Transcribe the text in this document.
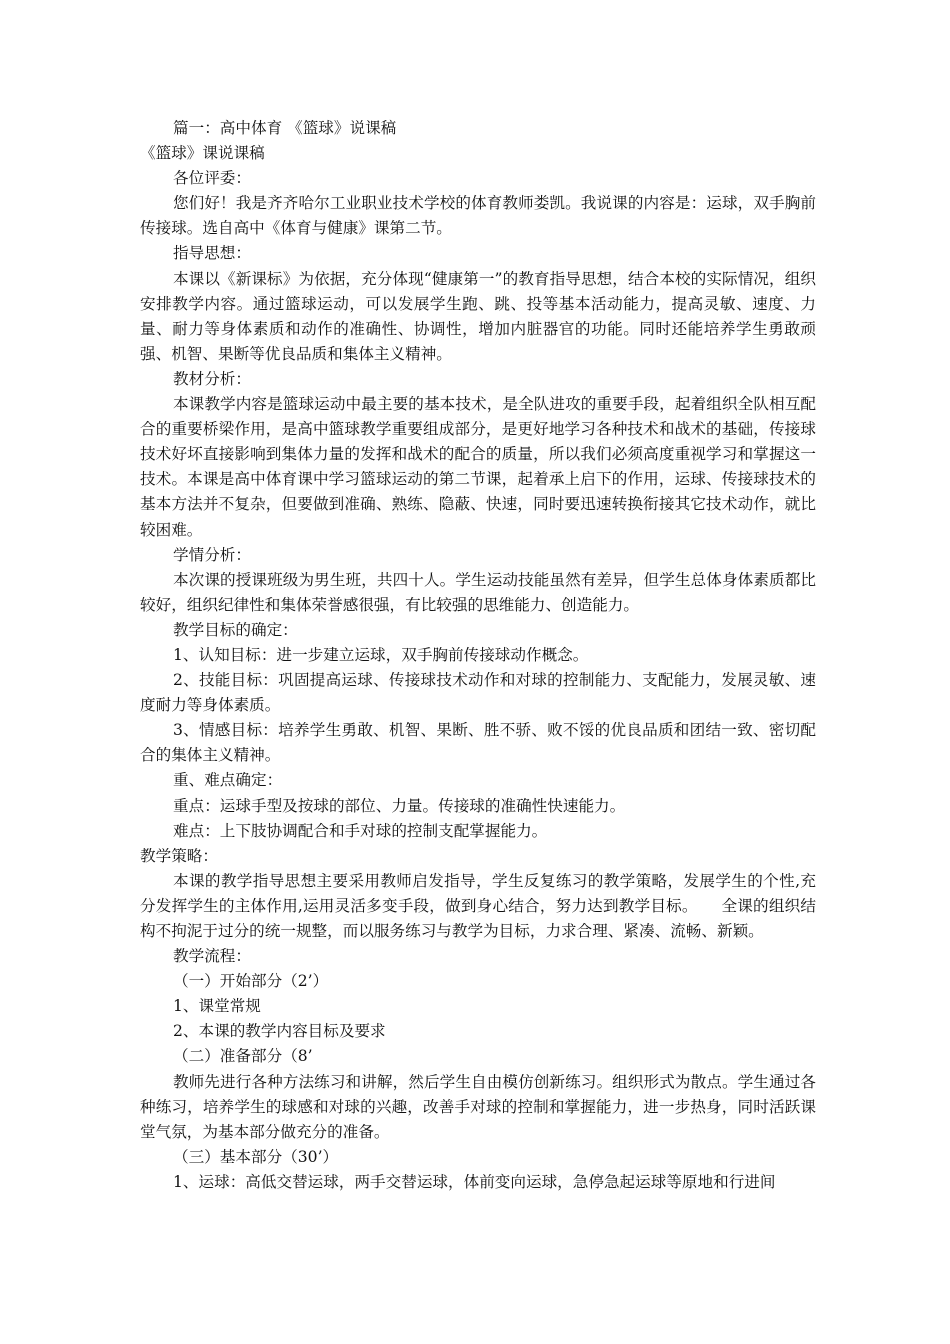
篇一：高中体育 《篮球》说课稿

《篮球》课说课稿

各位评委：

您们好！我是齐齐哈尔工业职业技术学校的体育教师娄凯。我说课的内容是：运球，双手胸前传接球。选自高中《体育与健康》课第二节。

指导思想：

本课以《新课标》为依据，充分体现“健康第一”的教育指导思想，结合本校的实际情况，组织安排教学内容。通过篮球运动，可以发展学生跑、跳、投等基本活动能力，提高灵敏、速度、力量、耐力等身体素质和动作的准确性、协调性，增加内脏器官的功能。同时还能培养学生勇敢顽强、机智、果断等优良品质和集体主义精神。

教材分析：

本课教学内容是篮球运动中最主要的基本技术，是全队进攻的重要手段，起着组织全队相互配合的重要桥梁作用，是高中篮球教学重要组成部分，是更好地学习各种技术和战术的基础，传接球技术好坏直接影响到集体力量的发挥和战术的配合的质量，所以我们必须高度重视学习和掌握这一技术。本课是高中体育课中学习篮球运动的第二节课，起着承上启下的作用，运球、传接球技术的基本方法并不复杂，但要做到准确、熟练、隐蔽、快速，同时要迅速转换衔接其它技术动作，就比较困难。

学情分析：

本次课的授课班级为男生班，共四十人。学生运动技能虽然有差异，但学生总体身体素质都比较好，组织纪律性和集体荣誉感很强，有比较强的思维能力、创造能力。

教学目标的确定：

1、认知目标：进一步建立运球，双手胸前传接球动作概念。

2、技能目标：巩固提高运球、传接球技术动作和对球的控制能力、支配能力，发展灵敏、速度耐力等身体素质。

3、情感目标：培养学生勇敢、机智、果断、胜不骄、败不馁的优良品质和团结一致、密切配合的集体主义精神。

重、难点确定：

重点：运球手型及按球的部位、力量。传接球的准确性快速能力。

难点：上下肢协调配合和手对球的控制支配掌握能力。

教学策略：

本课的教学指导思想主要采用教师启发指导，学生反复练习的教学策略，发展学生的个性,充分发挥学生的主体作用,运用灵活多变手段，做到身心结合，努力达到教学目标。　　全课的组织结构不拘泥于过分的统一规整，而以服务练习与教学为目标，力求合理、紧凑、流畅、新颖。

教学流程：

（一）开始部分（2’）

1、课堂常规

2、本课的教学内容目标及要求

（二）准备部分（8’

教师先进行各种方法练习和讲解，然后学生自由模仿创新练习。组织形式为散点。学生通过各种练习，培养学生的球感和对球的兴趣，改善手对球的控制和掌握能力，进一步热身，同时活跃课堂气氛，为基本部分做充分的准备。

（三）基本部分（30’）

1、运球：高低交替运球，两手交替运球，体前变向运球，急停急起运球等原地和行进间
